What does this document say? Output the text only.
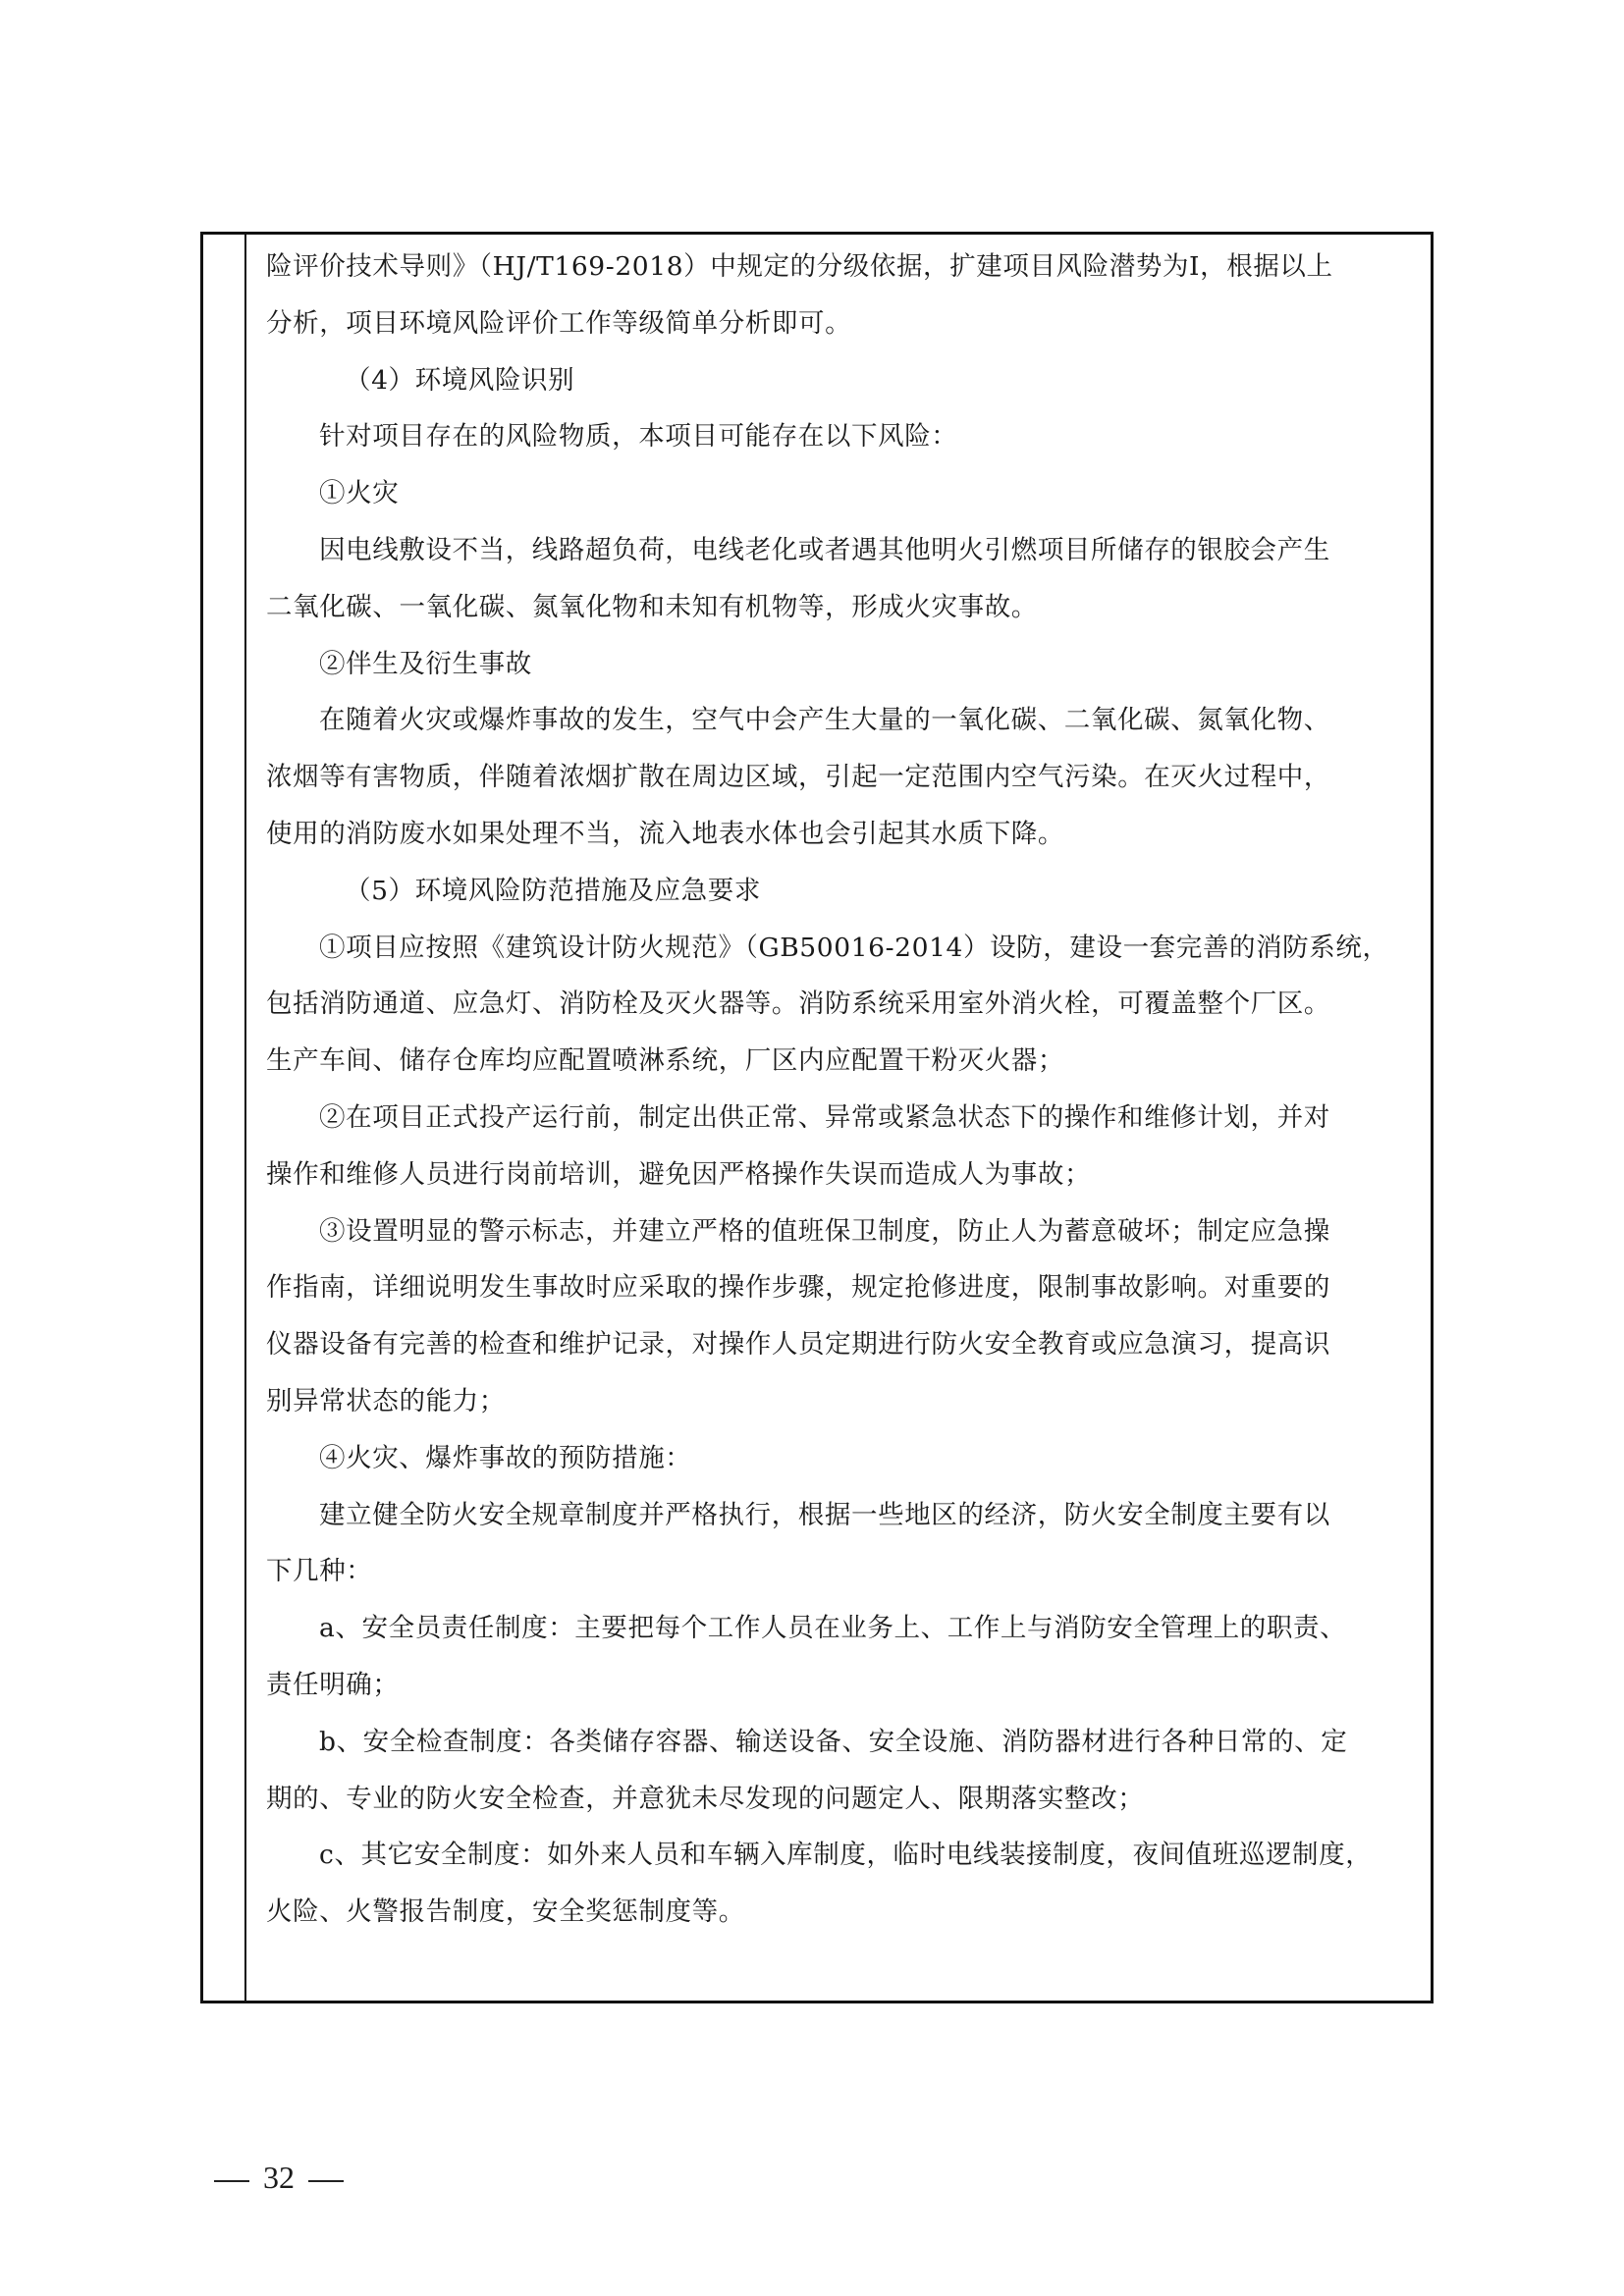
险评价技术导则》（HJ/T169-2018）中规定的分级依据，扩建项目风险潜势为Ⅰ，根据以上
分析，项目环境风险评价工作等级简单分析即可。
（4）环境风险识别
针对项目存在的风险物质，本项目可能存在以下风险：
①火灾
因电线敷设不当，线路超负荷，电线老化或者遇其他明火引燃项目所储存的银胶会产生
二氧化碳、一氧化碳、氮氧化物和未知有机物等，形成火灾事故。
②伴生及衍生事故
在随着火灾或爆炸事故的发生，空气中会产生大量的一氧化碳、二氧化碳、氮氧化物、
浓烟等有害物质，伴随着浓烟扩散在周边区域，引起一定范围内空气污染。在灭火过程中，
使用的消防废水如果处理不当，流入地表水体也会引起其水质下降。
（5）环境风险防范措施及应急要求
①项目应按照《建筑设计防火规范》（GB50016-2014）设防，建设一套完善的消防系统，
包括消防通道、应急灯、消防栓及灭火器等。消防系统采用室外消火栓，可覆盖整个厂区。
生产车间、储存仓库均应配置喷淋系统，厂区内应配置干粉灭火器；
②在项目正式投产运行前，制定出供正常、异常或紧急状态下的操作和维修计划，并对
操作和维修人员进行岗前培训，避免因严格操作失误而造成人为事故；
③设置明显的警示标志，并建立严格的值班保卫制度，防止人为蓄意破坏；制定应急操
作指南，详细说明发生事故时应采取的操作步骤，规定抢修进度，限制事故影响。对重要的
仪器设备有完善的检查和维护记录，对操作人员定期进行防火安全教育或应急演习，提高识
别异常状态的能力；
④火灾、爆炸事故的预防措施：
建立健全防火安全规章制度并严格执行，根据一些地区的经济，防火安全制度主要有以
下几种：
a、安全员责任制度：主要把每个工作人员在业务上、工作上与消防安全管理上的职责、
责任明确；
b、安全检查制度：各类储存容器、输送设备、安全设施、消防器材进行各种日常的、定
期的、专业的防火安全检查，并意犹未尽发现的问题定人、限期落实整改；
c、其它安全制度：如外来人员和车辆入库制度，临时电线装接制度，夜间值班巡逻制度，
火险、火警报告制度，安全奖惩制度等。
32
